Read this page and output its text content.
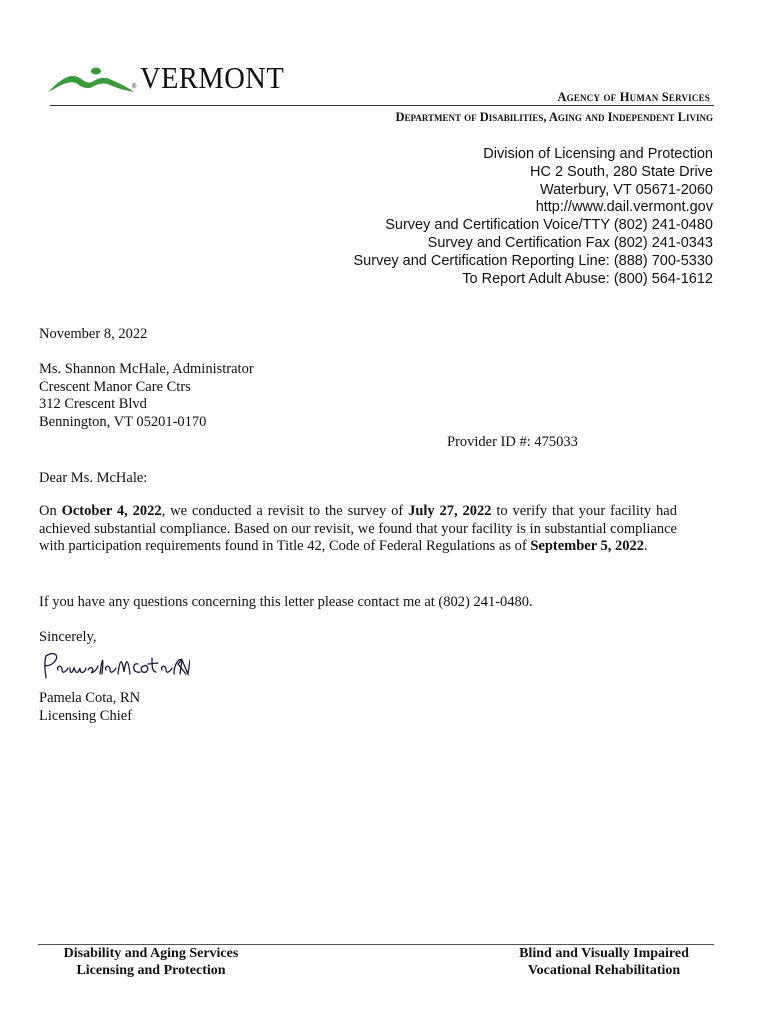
® VERMONT
Agency of Human Services
Department of Disabilities, Aging and Independent Living
Division of Licensing and Protection
HC 2 South, 280 State Drive
Waterbury, VT 05671-2060
http://www.dail.vermont.gov
Survey and Certification Voice/TTY (802) 241-0480
Survey and Certification Fax (802) 241-0343
Survey and Certification Reporting Line: (888) 700-5330
To Report Adult Abuse: (800) 564-1612
November 8, 2022
Ms. Shannon McHale, Administrator
Crescent Manor Care Ctrs
312 Crescent Blvd
Bennington, VT 05201-0170
Provider ID #: 475033
Dear Ms. McHale:
On October 4, 2022, we conducted a revisit to the survey of July 27, 2022 to verify that your facility had achieved substantial compliance. Based on our revisit, we found that your facility is in substantial compliance with participation requirements found in Title 42, Code of Federal Regulations as of September 5, 2022.
If you have any questions concerning this letter please contact me at (802) 241-0480.
Sincerely,
Pamela Cota, RN
Licensing Chief
Disability and Aging Services
Licensing and Protection
Blind and Visually Impaired
Vocational Rehabilitation
